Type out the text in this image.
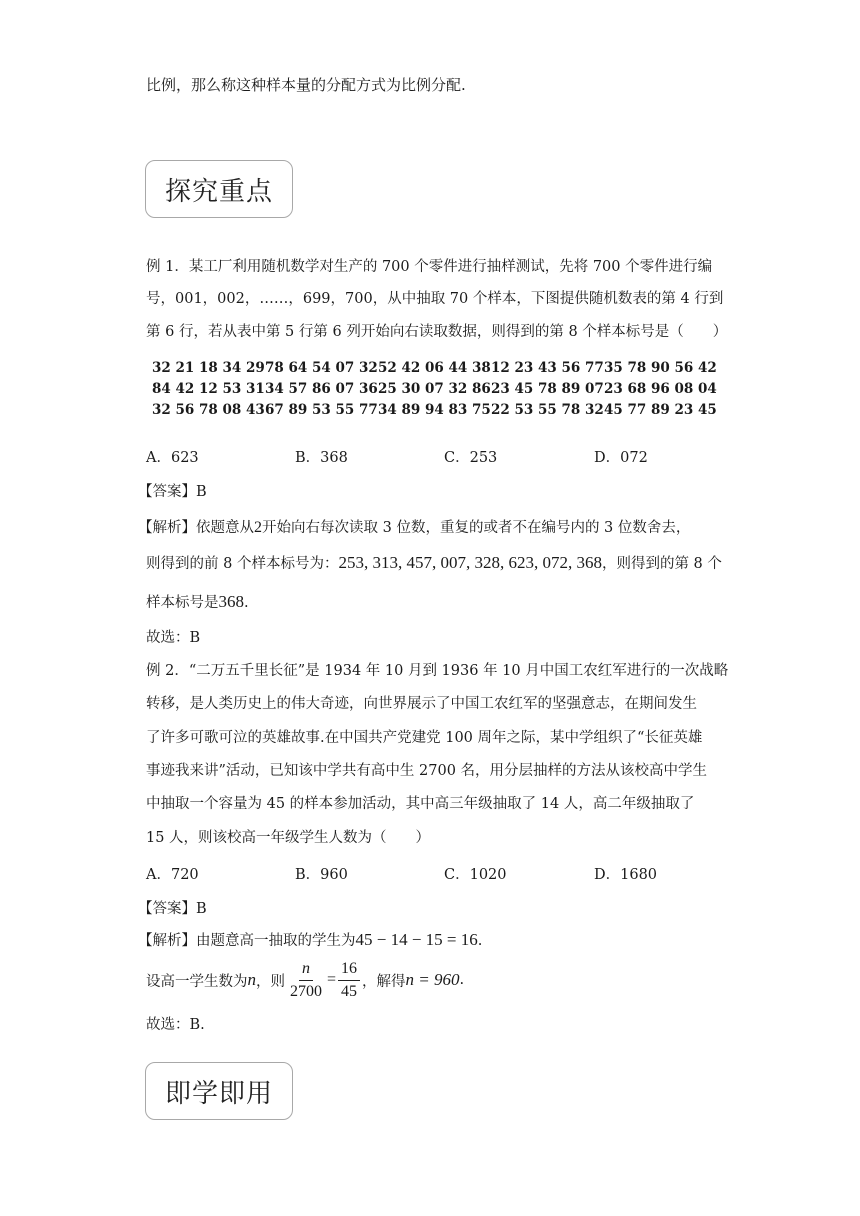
比例，那么称这种样本量的分配方式为比例分配.
探究重点
例 1．某工厂利用随机数学对生产的 700 个零件进行抽样测试，先将 700 个零件进行编
号，001，002，……，699，700，从中抽取 70 个样本，下图提供随机数表的第 4 行到
第 6 行，若从表中第 5 行第 6 列开始向右读取数据，则得到的第 8 个样本标号是（　　）
32 21 18 34 29 78 64 54 07 32 52 42 06 44 38 12 23 43 56 77 35 78 90 56 42
84 42 12 53 31 34 57 86 07 36 25 30 07 32 86 23 45 78 89 07 23 68 96 08 04
32 56 78 08 43 67 89 53 55 77 34 89 94 83 75 22 53 55 78 32 45 77 89 23 45
A．623	B．368	C．253	D．072
【答案】B
【解析】依题意从2开始向右每次读取 3 位数，重复的或者不在编号内的 3 位数舍去，
则得到的前 8 个样本标号为：253, 313, 457, 007, 328, 623, 072, 368，则得到的第 8 个
样本标号是368.
故选：B
例 2．“二万五千里长征”是 1934 年 10 月到 1936 年 10 月中国工农红军进行的一次战略
转移，是人类历史上的伟大奇迹，向世界展示了中国工农红军的坚强意志，在期间发生
了许多可歌可泣的英雄故事.在中国共产党建党 100 周年之际，某中学组织了“长征英雄
事迹我来讲”活动，已知该中学共有高中生 2700 名，用分层抽样的方法从该校高中学生
中抽取一个容量为 45 的样本参加活动，其中高三年级抽取了 14 人，高二年级抽取了
15 人，则该校高一年级学生人数为（　　）
A．720	B．960	C．1020	D．1680
【答案】B
【解析】由题意高一抽取的学生为45 − 14 − 15 = 16.
设高一学生数为 n ，则 $\frac{n}{2700} = \frac{16}{45}$ ，解得 n = 960 .
故选：B.
即学即用
